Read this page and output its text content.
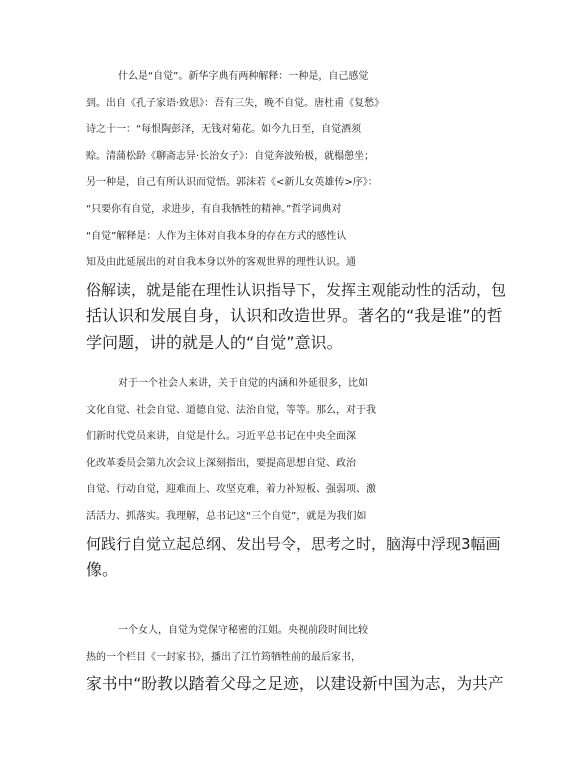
什么是“自觉”。新华字典有两种解释：一种是，自己感觉
到。出自《孔子家语·致思》：吾有三失，晚不自觉。唐杜甫《复愁》
诗之十一：“每恨陶彭泽，无钱对菊花。如今九日至，自觉酒须
赊。清蒲松龄《聊斋志异·长治女子》：自觉奔波殆极，就榻憩坐；
另一种是，自己有所认识而觉悟。郭沫若《<新儿女英雄传>序》：
“只要你有自觉，求进步，有自我牺牲的精神。”哲学词典对
“自觉”解释是：人作为主体对自我本身的存在方式的感性认
知及由此延展出的对自我本身以外的客观世界的理性认识。通
俗解读，就是能在理性认识指导下，发挥主观能动性的活动，包
括认识和发展自身，认识和改造世界。著名的“我是谁”的哲
学问题，讲的就是人的“自觉”意识。
对于一个社会人来讲，关于自觉的内涵和外延很多，比如
文化自觉、社会自觉、道德自觉、法治自觉，等等。那么，对于我
们新时代党员来讲，自觉是什么。习近平总书记在中央全面深
化改革委员会第九次会议上深刻指出，要提高思想自觉、政治
自觉、行动自觉，迎难而上、攻坚克难，着力补短板、强弱项、激
活活力、抓落实。我理解，总书记这“三个自觉”，就是为我们如
何践行自觉立起总纲、发出号令，思考之时，脑海中浮现3幅画
像。
一个女人，自觉为党保守秘密的江姐。央视前段时间比较
热的一个栏目《一封家书》，播出了江竹筠牺牲前的最后家书，
家书中“盼教以踏着父母之足迹，以建设新中国为志，为共产
